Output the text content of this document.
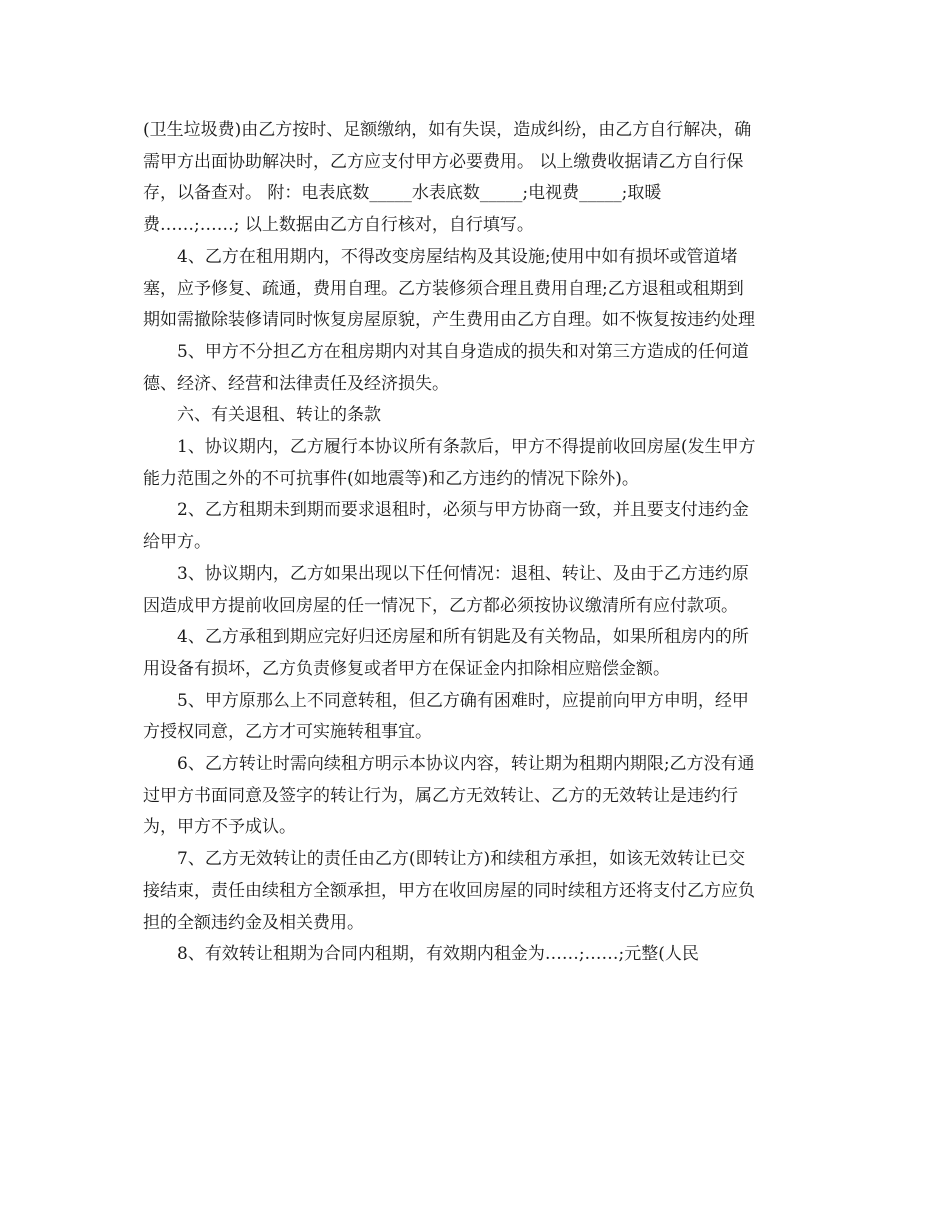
(卫生垃圾费)由乙方按时、足额缴纳，如有失误，造成纠纷，由乙方自行解决，确
需甲方出面协助解决时，乙方应支付甲方必要费用。 以上缴费收据请乙方自行保
存，以备查对。 附：电表底数_____水表底数_____;电视费_____;取暖
费……;……; 以上数据由乙方自行核对，自行填写。
4、乙方在租用期内，不得改变房屋结构及其设施;使用中如有损坏或管道堵
塞，应予修复、疏通，费用自理。乙方装修须合理且费用自理;乙方退租或租期到
期如需撤除装修请同时恢复房屋原貌，产生费用由乙方自理。如不恢复按违约处理
5、甲方不分担乙方在租房期内对其自身造成的损失和对第三方造成的任何道
德、经济、经营和法律责任及经济损失。
六、有关退租、转让的条款
1、协议期内，乙方履行本协议所有条款后，甲方不得提前收回房屋(发生甲方
能力范围之外的不可抗事件(如地震等)和乙方违约的情况下除外)。
2、乙方租期未到期而要求退租时，必须与甲方协商一致，并且要支付违约金
给甲方。
3、协议期内，乙方如果出现以下任何情况：退租、转让、及由于乙方违约原
因造成甲方提前收回房屋的任一情况下，乙方都必须按协议缴清所有应付款项。
4、乙方承租到期应完好归还房屋和所有钥匙及有关物品，如果所租房内的所
用设备有损坏，乙方负责修复或者甲方在保证金内扣除相应赔偿金额。
5、甲方原那么上不同意转租，但乙方确有困难时，应提前向甲方申明，经甲
方授权同意，乙方才可实施转租事宜。
6、乙方转让时需向续租方明示本协议内容，转让期为租期内期限;乙方没有通
过甲方书面同意及签字的转让行为，属乙方无效转让、乙方的无效转让是违约行
为，甲方不予成认。
7、乙方无效转让的责任由乙方(即转让方)和续租方承担，如该无效转让已交
接结束，责任由续租方全额承担，甲方在收回房屋的同时续租方还将支付乙方应负
担的全额违约金及相关费用。
8、有效转让租期为合同内租期，有效期内租金为……;……;元整(人民
